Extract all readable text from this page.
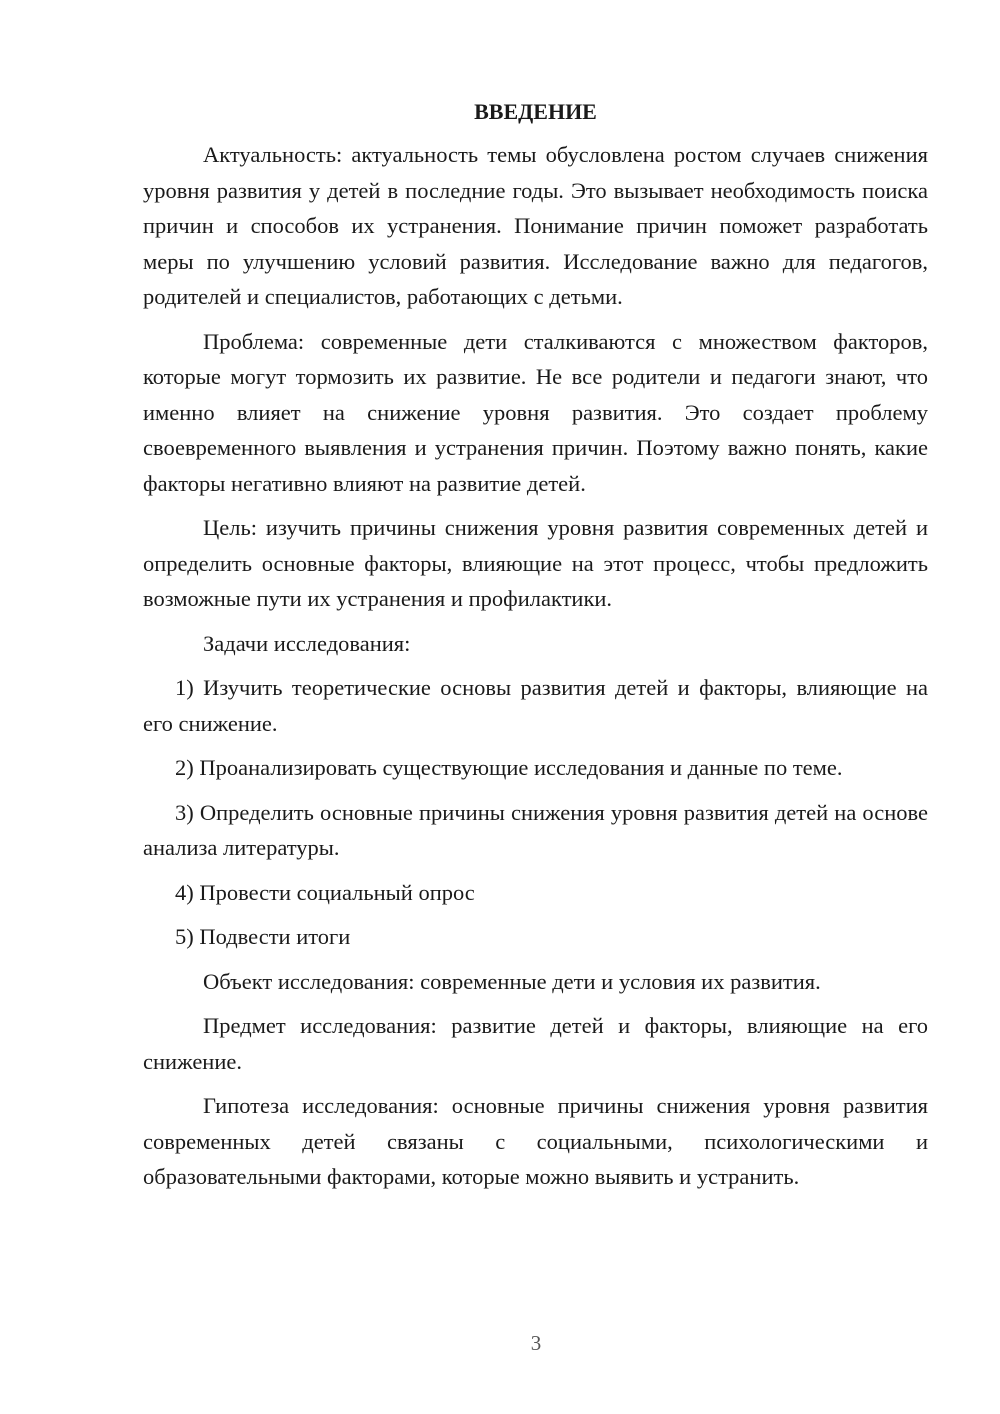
ВВЕДЕНИЕ

Актуальность: актуальность темы обусловлена ростом случаев снижения уровня развития у детей в последние годы. Это вызывает необходимость поиска причин и способов их устранения. Понимание причин поможет разработать меры по улучшению условий развития. Исследование важно для педагогов, родителей и специалистов, работающих с детьми.

Проблема: современные дети сталкиваются с множеством факторов, которые могут тормозить их развитие. Не все родители и педагоги знают, что именно влияет на снижение уровня развития. Это создает проблему своевременного выявления и устранения причин. Поэтому важно понять, какие факторы негативно влияют на развитие детей.

Цель: изучить причины снижения уровня развития современных детей и определить основные факторы, влияющие на этот процесс, чтобы предложить возможные пути их устранения и профилактики.

Задачи исследования:

1) Изучить теоретические основы развития детей и факторы, влияющие на его снижение.

2) Проанализировать существующие исследования и данные по теме.

3) Определить основные причины снижения уровня развития детей на основе анализа литературы.

4) Провести социальный опрос

5) Подвести итоги

Объект исследования: современные дети и условия их развития.

Предмет исследования: развитие детей и факторы, влияющие на его снижение.

Гипотеза исследования: основные причины снижения уровня развития современных детей связаны с социальными, психологическими и образовательными факторами, которые можно выявить и устранить.

3
